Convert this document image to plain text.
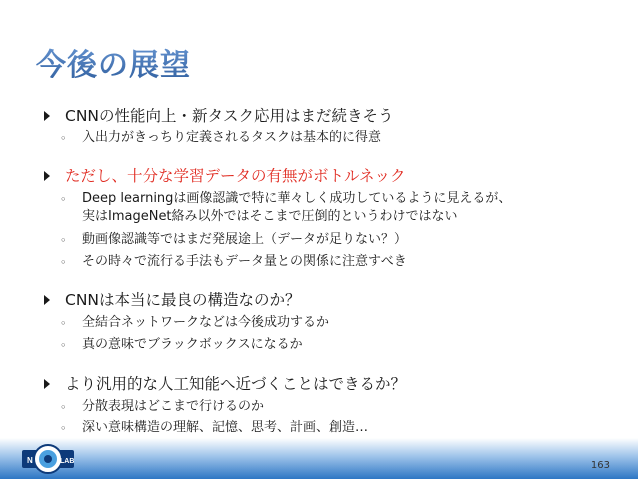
今後の展望
CNNの性能向上・新タスク応用はまだ続きそう
◦ 入出力がきっちり定義されるタスクは基本的に得意
ただし、十分な学習データの有無がボトルネック
◦ Deep learningは画像認識で特に華々しく成功しているように見えるが、
実はImageNet絡み以外ではそこまで圧倒的というわけではない
◦ 動画像認識等ではまだ発展途上（データが足りない？）
◦ その時々で流行る手法もデータ量との関係に注意すべき
CNNは本当に最良の構造なのか？
◦ 全結合ネットワークなどは今後成功するか
◦ 真の意味でブラックボックスになるか
より汎用的な人工知能へ近づくことはできるか？
◦ 分散表現はどこまで行けるのか
◦ 深い意味構造の理解、記憶、思考、計画、創造…
N	LAB	163
